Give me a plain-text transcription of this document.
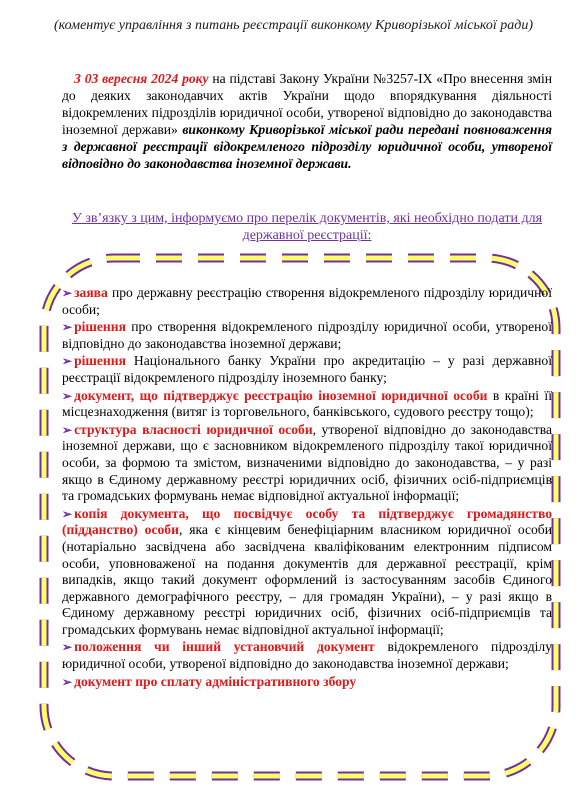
(коментує управління з питань реєстрації виконкому Криворізької міської ради)
З 03 вересня 2024 року на підставі Закону України №3257-IX «Про внесення змін до деяких законодавчих актів України щодо впорядкування діяльності відокремлених підрозділів юридичної особи, утвореної відповідно до законодавства іноземної держави» виконкому Криворізької міської ради переданi повноваження з державної реєстрації відокремленого підрозділу юридичної особи, утвореної відповідно до законодавства іноземної держави.
У зв’язку з цим, інформуємо про перелік документів, які необхідно подати для державної реєстрації:
➢ заява про державну реєстрацію створення відокремленого підрозділу юридичної особи;
➢ рішення про створення відокремленого підрозділу юридичної особи, утвореної відповідно до законодавства іноземної держави;
➢ рішення Національного банку України про акредитацію – у разі державної реєстрації відокремленого підрозділу іноземного банку;
➢ документ, що підтверджує реєстрацію іноземної юридичної особи в країні її місцезнаходження (витяг із торговельного, банківського, судового реєстру тощо);
➢ структура власності юридичної особи, утвореної відповідно до законодавства іноземної держави, що є засновником відокремленого підрозділу такої юридичної особи, за формою та змістом, визначеними відповідно до законодавства, – у разі якщо в Єдиному державному реєстрі юридичних осіб, фізичних осіб-підприємців та громадських формувань немає відповідної актуальної інформації;
➢ копія документа, що посвідчує особу та підтверджує громадянство (підданство) особи, яка є кінцевим бенефіціарним власником юридичної особи (нотаріально засвідчена або засвідчена кваліфікованим електронним підписом особи, уповноваженої на подання документів для державної реєстрації, крім випадків, якщо такий документ оформлений із застосуванням засобів Єдиного державного демографічного реєстру, – для громадян України), – у разі якщо в Єдиному державному реєстрі юридичних осіб, фізичних осіб-підприємців та громадських формувань немає відповідної актуальної інформації;
➢ положення чи інший установчий документ відокремленого підрозділу юридичної особи, утвореної відповідно до законодавства іноземної держави;
➢ документ про сплату адміністративного збору
